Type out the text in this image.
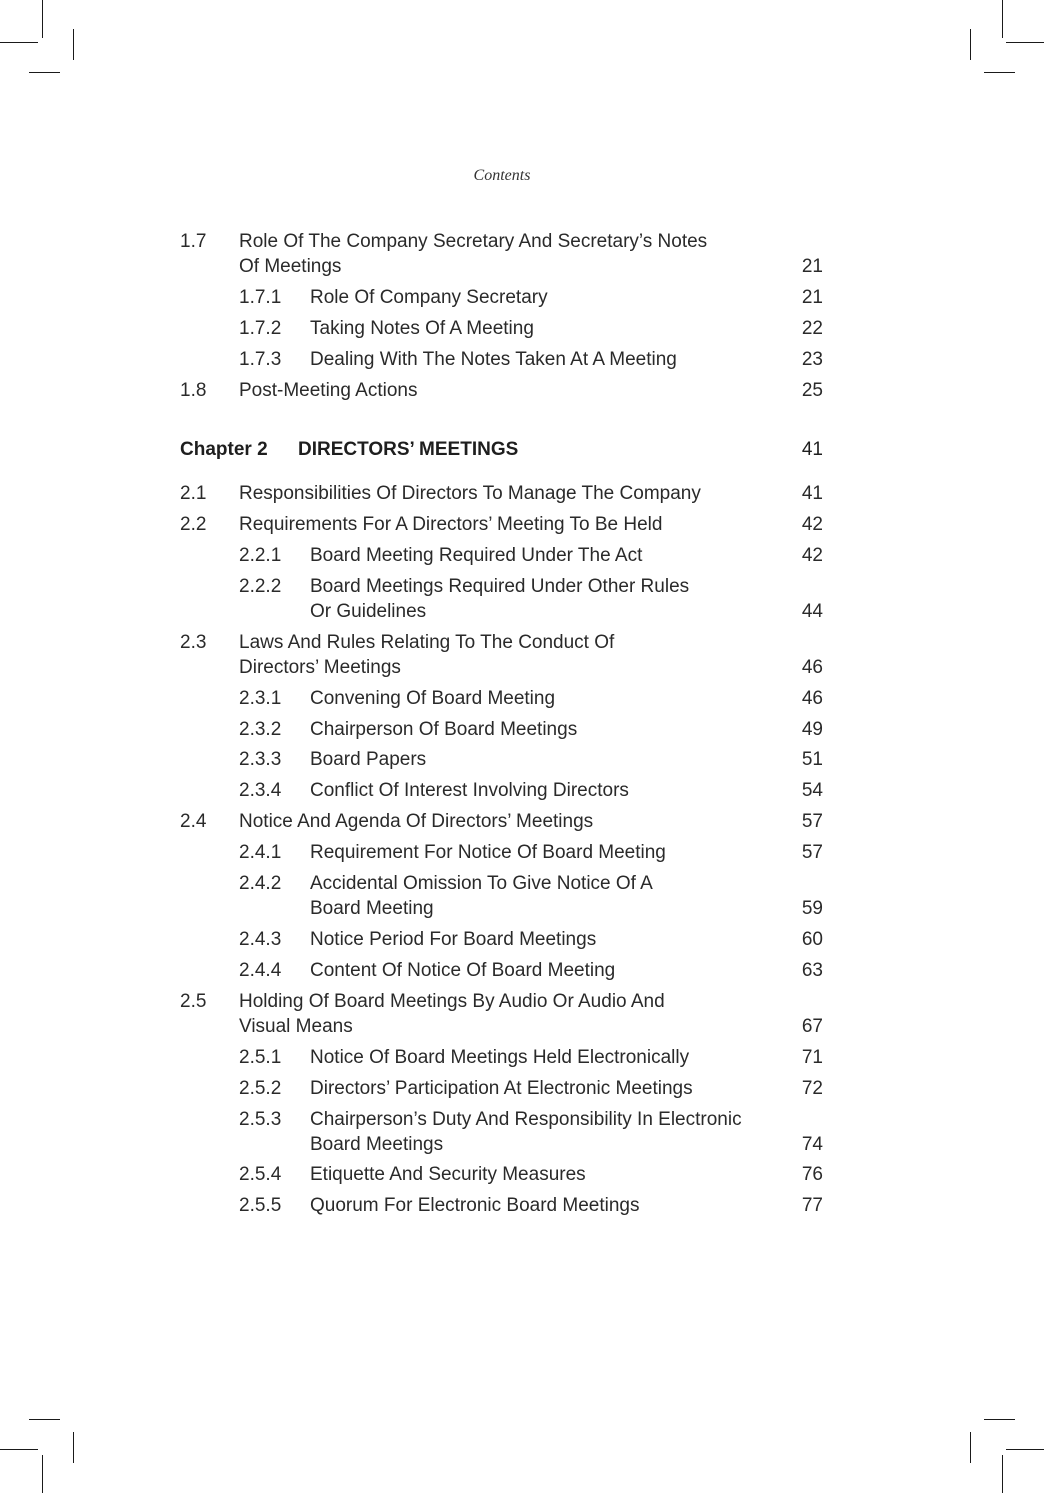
Contents
1.7 Role Of The Company Secretary And Secretary’s Notes
Of Meetings	21
1.7.1 Role Of Company Secretary	21
1.7.2 Taking Notes Of A Meeting	22
1.7.3 Dealing With The Notes Taken At A Meeting	23
1.8 Post-Meeting Actions	25
Chapter 2 DIRECTORS’ MEETINGS	41
2.1 Responsibilities Of Directors To Manage The Company	41
2.2 Requirements For A Directors’ Meeting To Be Held	42
2.2.1 Board Meeting Required Under The Act	42
2.2.2 Board Meetings Required Under Other Rules
Or Guidelines	44
2.3 Laws And Rules Relating To The Conduct Of
Directors’ Meetings	46
2.3.1 Convening Of Board Meeting	46
2.3.2 Chairperson Of Board Meetings	49
2.3.3 Board Papers	51
2.3.4 Conflict Of Interest Involving Directors	54
2.4 Notice And Agenda Of Directors’ Meetings	57
2.4.1 Requirement For Notice Of Board Meeting	57
2.4.2 Accidental Omission To Give Notice Of A
Board Meeting	59
2.4.3 Notice Period For Board Meetings	60
2.4.4 Content Of Notice Of Board Meeting	63
2.5 Holding Of Board Meetings By Audio Or Audio And
Visual Means	67
2.5.1 Notice Of Board Meetings Held Electronically	71
2.5.2 Directors’ Participation At Electronic Meetings	72
2.5.3 Chairperson’s Duty And Responsibility In Electronic
Board Meetings	74
2.5.4 Etiquette And Security Measures	76
2.5.5 Quorum For Electronic Board Meetings	77
